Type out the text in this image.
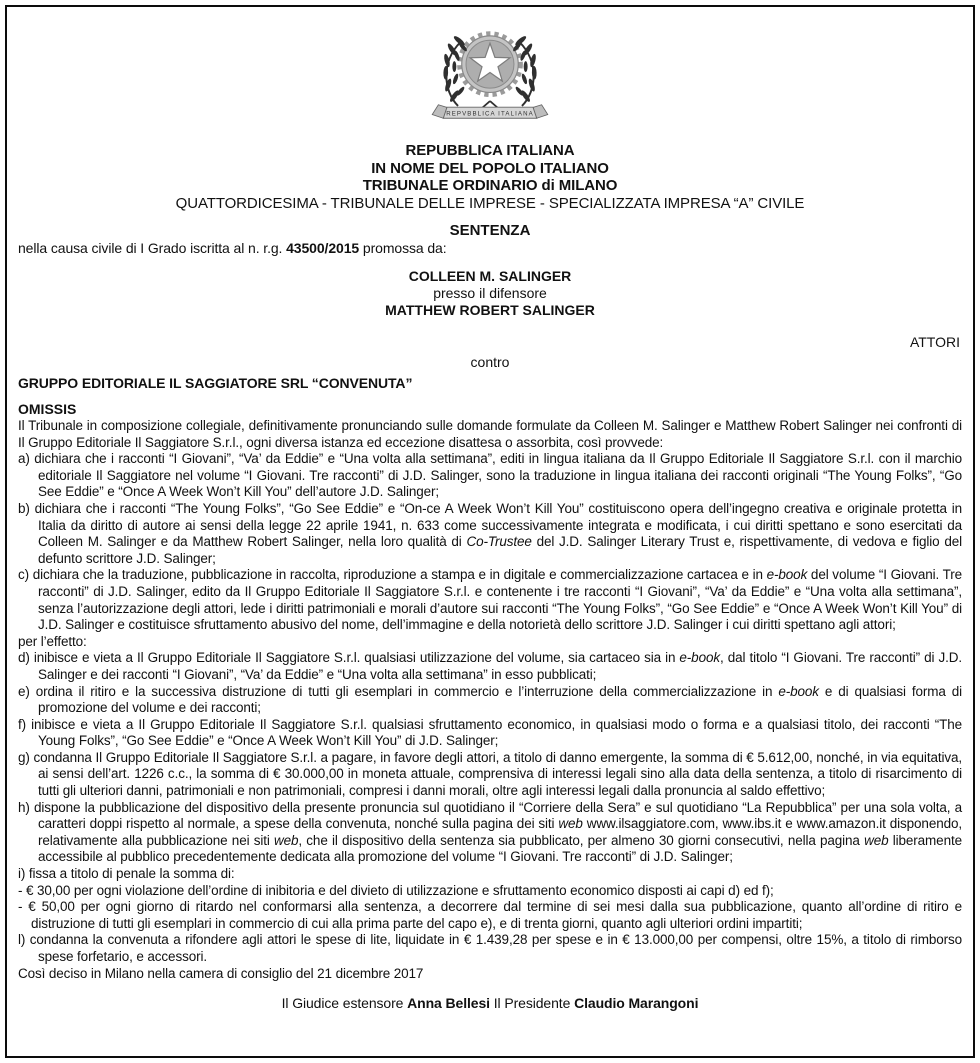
REPVBBLICA ITALIANA
REPUBBLICA ITALIANA
IN NOME DEL POPOLO ITALIANO
TRIBUNALE ORDINARIO di MILANO
QUATTORDICESIMA - TRIBUNALE DELLE IMPRESE - SPECIALIZZATA IMPRESA “A” CIVILE
SENTENZA
nella causa civile di I Grado iscritta al n. r.g. 43500/2015 promossa da:
COLLEEN M. SALINGER
presso il difensore
MATTHEW ROBERT SALINGER
ATTORI
contro
GRUPPO EDITORIALE IL SAGGIATORE SRL “CONVENUTA”
OMISSIS

Il Tribunale in composizione collegiale, definitivamente pronunciando sulle domande formulate da Colleen M. Salinger e Matthew Robert Salinger nei confronti di Il Gruppo Editoriale Il Saggiatore S.r.l., ogni diversa istanza ed eccezione disattesa o assorbita, così provvede:

a) dichiara che i racconti “I Giovani”, “Va’ da Eddie” e “Una volta alla settimana”, editi in lingua italiana da Il Gruppo Editoriale Il Saggiatore S.r.l. con il marchio editoriale Il Saggiatore nel volume “I Giovani. Tre racconti” di J.D. Salinger, sono la traduzione in lingua italiana dei racconti originali “The Young Folks”, “Go See Eddie” e “Once A Week Won’t Kill You” dell’autore J.D. Salinger;

b) dichiara che i racconti “The Young Folks”, “Go See Eddie” e “On-ce A Week Won’t Kill You” costituiscono opera dell’ingegno creativa e originale protetta in Italia da diritto di autore ai sensi della legge 22 aprile 1941, n. 633 come successivamente integrata e modificata, i cui diritti spettano e sono esercitati da Colleen M. Salinger e da Matthew Robert Salinger, nella loro qualità di Co-Trustee del J.D. Salinger Literary Trust e, rispettivamente, di vedova e figlio del defunto scrittore J.D. Salinger;

c) dichiara che la traduzione, pubblicazione in raccolta, riproduzione a stampa e in digitale e commercializzazione cartacea e in e-book del volume “I Giovani. Tre racconti” di J.D. Salinger, edito da Il Gruppo Editoriale Il Saggiatore S.r.l. e contenente i tre racconti “I Giovani”, “Va’ da Eddie” e “Una volta alla settimana”, senza l’autorizzazione degli attori, lede i diritti patrimoniali e morali d’autore sui racconti “The Young Folks”, “Go See Eddie” e “Once A Week Won’t Kill You” di J.D. Salinger e costituisce sfruttamento abusivo del nome, dell’immagine e della notorietà dello scrittore J.D. Salinger i cui diritti spettano agli attori;

per l’effetto:

d) inibisce e vieta a Il Gruppo Editoriale Il Saggiatore S.r.l. qualsiasi utilizzazione del volume, sia cartaceo sia in e-book, dal titolo “I Giovani. Tre racconti” di J.D. Salinger e dei racconti “I Giovani”, “Va’ da Eddie” e “Una volta alla settimana” in esso pubblicati;

e) ordina il ritiro e la successiva distruzione di tutti gli esemplari in commercio e l’interruzione della commercializzazione in e-book e di qualsiasi forma di promozione del volume e dei racconti;

f) inibisce e vieta a Il Gruppo Editoriale Il Saggiatore S.r.l. qualsiasi sfruttamento economico, in qualsiasi modo o forma e a qualsiasi titolo, dei racconti “The Young Folks”, “Go See Eddie” e “Once A Week Won’t Kill You” di J.D. Salinger;

g) condanna Il Gruppo Editoriale Il Saggiatore S.r.l. a pagare, in favore degli attori, a titolo di danno emergente, la somma di € 5.612,00, nonché, in via equitativa, ai sensi dell’art. 1226 c.c., la somma di € 30.000,00 in moneta attuale, comprensiva di interessi legali sino alla data della sentenza, a titolo di risarcimento di tutti gli ulteriori danni, patrimoniali e non patrimoniali, compresi i danni morali, oltre agli interessi legali dalla pronuncia al saldo effettivo;

h) dispone la pubblicazione del dispositivo della presente pronuncia sul quotidiano il “Corriere della Sera” e sul quotidiano “La Repubblica” per una sola volta, a caratteri doppi rispetto al normale, a spese della convenuta, nonché sulla pagina dei siti web www.ilsaggiatore.com, www.ibs.it e www.amazon.it disponendo, relativamente alla pubblicazione nei siti web, che il dispositivo della sentenza sia pubblicato, per almeno 30 giorni consecutivi, nella pagina web liberamente accessibile al pubblico precedentemente dedicata alla promozione del volume “I Giovani. Tre racconti” di J.D. Salinger;

i) fissa a titolo di penale la somma di:

- € 30,00 per ogni violazione dell’ordine di inibitoria e del divieto di utilizzazione e sfruttamento economico disposti ai capi d) ed f);

- € 50,00 per ogni giorno di ritardo nel conformarsi alla sentenza, a decorrere dal termine di sei mesi dalla sua pubblicazione, quanto all’ordine di ritiro e distruzione di tutti gli esemplari in commercio di cui alla prima parte del capo e), e di trenta giorni, quanto agli ulteriori ordini impartiti;

l) condanna la convenuta a rifondere agli attori le spese di lite, liquidate in € 1.439,28 per spese e in € 13.000,00 per compensi, oltre 15%, a titolo di rimborso spese forfetario, e accessori.

Così deciso in Milano nella camera di consiglio del 21 dicembre 2017

Il Giudice estensore Anna Bellesi Il Presidente Claudio Marangoni
